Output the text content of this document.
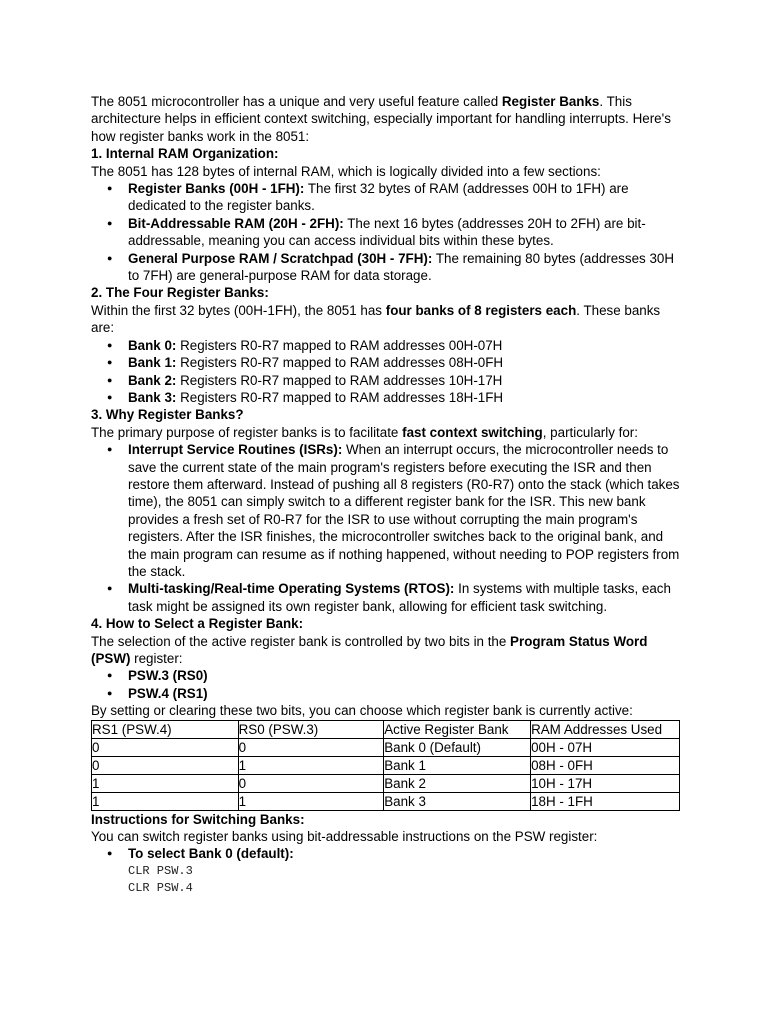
The 8051 microcontroller has a unique and very useful feature called Register Banks. This architecture helps in efficient context switching, especially important for handling interrupts. Here's how register banks work in the 8051:

1. Internal RAM Organization:

The 8051 has 128 bytes of internal RAM, which is logically divided into a few sections:

● Register Banks (00H - 1FH): The first 32 bytes of RAM (addresses 00H to 1FH) are dedicated to the register banks.
● Bit-Addressable RAM (20H - 2FH): The next 16 bytes (addresses 20H to 2FH) are bit-addressable, meaning you can access individual bits within these bytes.
● General Purpose RAM / Scratchpad (30H - 7FH): The remaining 80 bytes (addresses 30H to 7FH) are general-purpose RAM for data storage.

2. The Four Register Banks:

Within the first 32 bytes (00H-1FH), the 8051 has four banks of 8 registers each. These banks are:

● Bank 0: Registers R0-R7 mapped to RAM addresses 00H-07H
● Bank 1: Registers R0-R7 mapped to RAM addresses 08H-0FH
● Bank 2: Registers R0-R7 mapped to RAM addresses 10H-17H
● Bank 3: Registers R0-R7 mapped to RAM addresses 18H-1FH

3. Why Register Banks?

The primary purpose of register banks is to facilitate fast context switching, particularly for:

● Interrupt Service Routines (ISRs): When an interrupt occurs, the microcontroller needs to save the current state of the main program's registers before executing the ISR and then restore them afterward. Instead of pushing all 8 registers (R0-R7) onto the stack (which takes time), the 8051 can simply switch to a different register bank for the ISR. This new bank provides a fresh set of R0-R7 for the ISR to use without corrupting the main program's registers. After the ISR finishes, the microcontroller switches back to the original bank, and the main program can resume as if nothing happened, without needing to POP registers from the stack.
● Multi-tasking/Real-time Operating Systems (RTOS): In systems with multiple tasks, each task might be assigned its own register bank, allowing for efficient task switching.

4. How to Select a Register Bank:

The selection of the active register bank is controlled by two bits in the Program Status Word (PSW) register:

● PSW.3 (RS0)
● PSW.4 (RS1)

By setting or clearing these two bits, you can choose which register bank is currently active:

RS1 (PSW.4)	RS0 (PSW.3)	Active Register Bank	RAM Addresses Used
0	0	Bank 0 (Default)	00H - 07H
0	1	Bank 1	08H - 0FH
1	0	Bank 2	10H - 17H
1	1	Bank 3	18H - 1FH

Instructions for Switching Banks:

You can switch register banks using bit-addressable instructions on the PSW register:

● To select Bank 0 (default):
CLR PSW.3
CLR PSW.4
